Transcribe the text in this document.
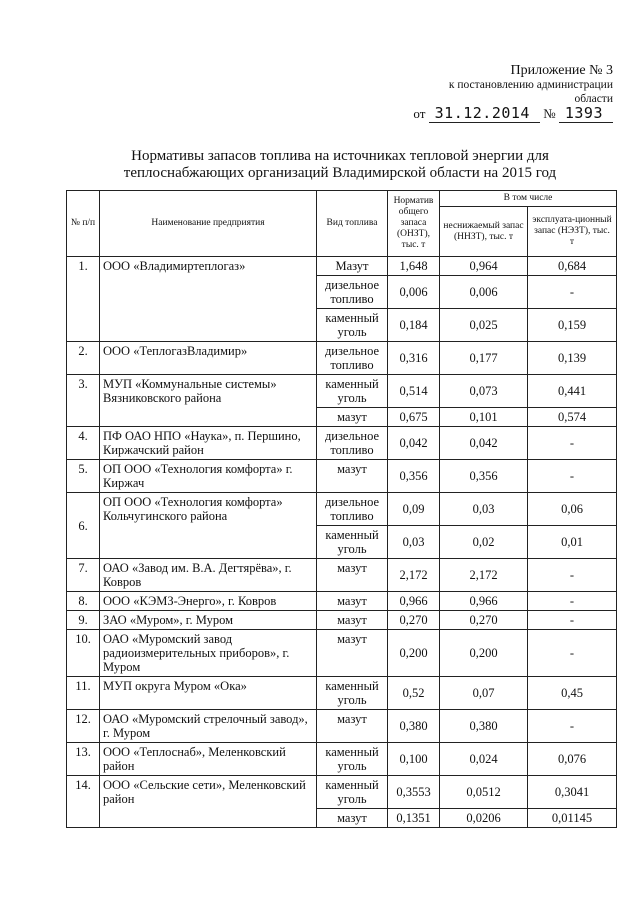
Приложение № 3
к постановлению администрации
области
от 31.12.2014 № 1393
Нормативы запасов топлива на источниках тепловой энергии для
теплоснабжающих организаций Владимирской области на 2015 год
№ п/п	Наименование предприятия	Вид топлива	Норматив общего запаса (ОНЗТ), тыс. т	В том числе	
				неснижаемый запас (ННЗТ), тыс. т	эксплуата-ционный запас (НЭЗТ), тыс. т
1.	ООО «Владимиртеплогаз»	Мазут	1,648	0,964	0,684
		дизельное топливо	0,006	0,006	-
		каменный уголь	0,184	0,025	0,159
2.	ООО «ТеплогазВладимир»	дизельное топливо	0,316	0,177	0,139
3.	МУП «Коммунальные системы» Вязниковского района	каменный уголь	0,514	0,073	0,441
		мазут	0,675	0,101	0,574
4.	ПФ ОАО НПО «Наука», п. Першино, Киржачский район	дизельное топливо	0,042	0,042	-
5.	ОП ООО «Технология комфорта» г. Киржач	мазут	0,356	0,356	-
6.	ОП ООО «Технология комфорта» Кольчугинского района	дизельное топливо	0,09	0,03	0,06
		каменный уголь	0,03	0,02	0,01
7.	ОАО «Завод им. В.А. Дегтярёва», г. Ковров	мазут	2,172	2,172	-
8.	ООО «КЭМЗ-Энерго», г. Ковров	мазут	0,966	0,966	-
9.	ЗАО «Муром», г. Муром	мазут	0,270	0,270	-
10.	ОАО «Муромский завод радиоизмерительных приборов», г. Муром	мазут	0,200	0,200	-
11.	МУП округа Муром «Ока»	каменный уголь	0,52	0,07	0,45
12.	ОАО «Муромский стрелочный завод», г. Муром	мазут	0,380	0,380	-
13.	ООО «Теплоснаб», Меленковский район	каменный уголь	0,100	0,024	0,076
14.	ООО «Сельские сети», Меленковский район	каменный уголь	0,3553	0,0512	0,3041
		мазут	0,1351	0,0206	0,01145
